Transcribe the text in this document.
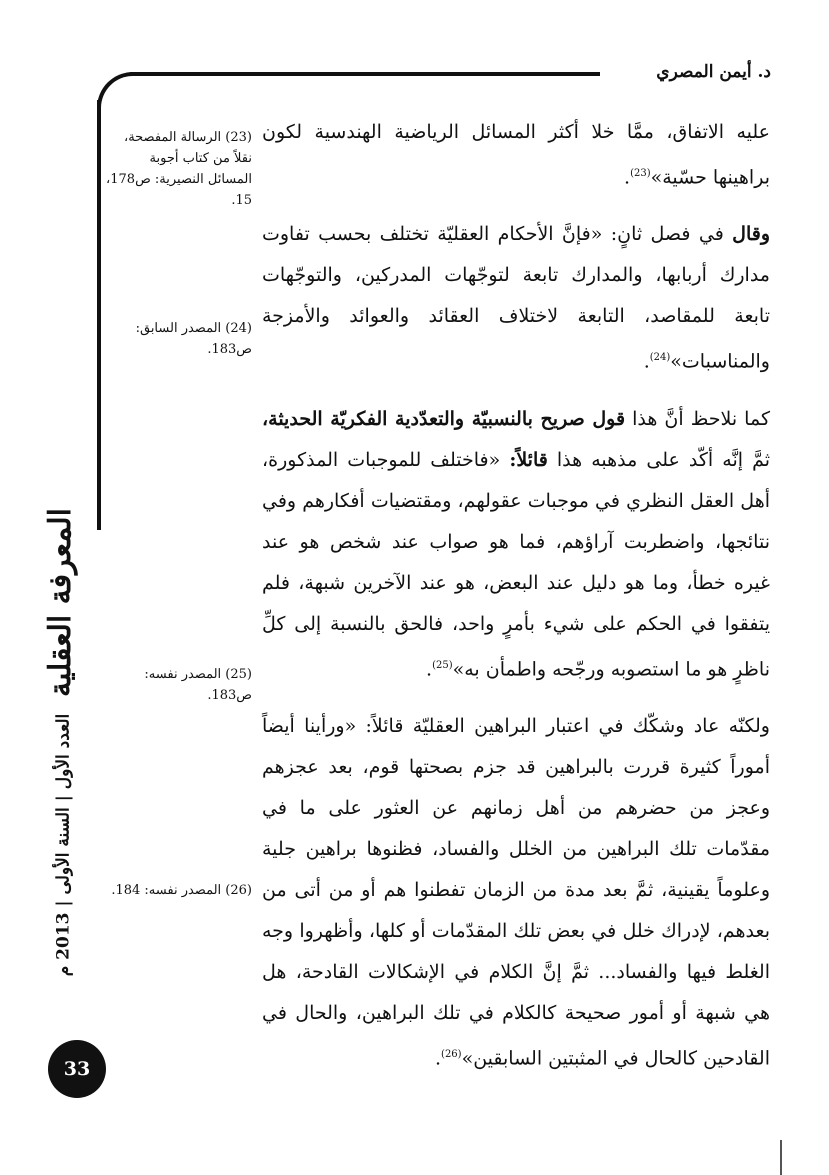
د. أيمن المصري

عليه الاتفاق، ممَّا خلا أكثر المسائل الرياضية الهندسية لكون براهينها حسّية»$^{(23)}$.

وقال في فصل ثانٍ: «فإنَّ الأحكام العقليّة تختلف بحسب تفاوت مدارك أربابها، والمدارك تابعة لتوجّهات المدركين، والتوجّهات تابعة للمقاصد، التابعة لاختلاف العقائد والعوائد والأمزجة والمناسبات»$^{(24)}$.

كما نلاحظ أنَّ هذا قول صريح بالنسبيّة والتعدّدية الفكريّة الحديثة، ثمَّ إنَّه أكّد على مذهبه هذا قائلاً: «فاختلف للموجبات المذكورة، أهل العقل النظري في موجبات عقولهم، ومقتضيات أفكارهم وفي نتائجها، واضطربت آراؤهم، فما هو صواب عند شخص هو عند غيره خطأ، وما هو دليل عند البعض، هو عند الآخرين شبهة، فلم يتفقوا في الحكم على شيء بأمرٍ واحد، فالحق بالنسبة إلى كلِّ ناظرٍ هو ما استصوبه ورجّحه واطمأن به»$^{(25)}$.

ولكنّه عاد وشكّك في اعتبار البراهين العقليّة قائلاً: «ورأينا أيضاً أموراً كثيرة قررت بالبراهين قد جزم بصحتها قوم، بعد عجزهم وعجز من حضرهم من أهل زمانهم عن العثور على ما في مقدّمات تلك البراهين من الخلل والفساد، فظنوها براهين جلية وعلوماً يقينية، ثمَّ بعد مدة من الزمان تفطنوا هم أو من أتى من بعدهم، لإدراك خلل في بعض تلك المقدّمات أو كلها، وأظهروا وجه الغلط فيها والفساد... ثمَّ إنَّ الكلام في الإشكالات القادحة، هل هي شبهة أو أمور صحيحة كالكلام في تلك البراهين، والحال في القادحين كالحال في المثبتين السابقين»$^{(26)}$.

(23) الرسالة المفصحة، نقلاً من كتاب أجوبة المسائل النصيرية: ص178، 15.
(24) المصدر السابق: ص183.
(25) المصدر نفسه: ص183.
(26) المصدر نفسه: 184.
المعرفة العقلية
العدد الأول | السنة الأولى | 2013 م
33
